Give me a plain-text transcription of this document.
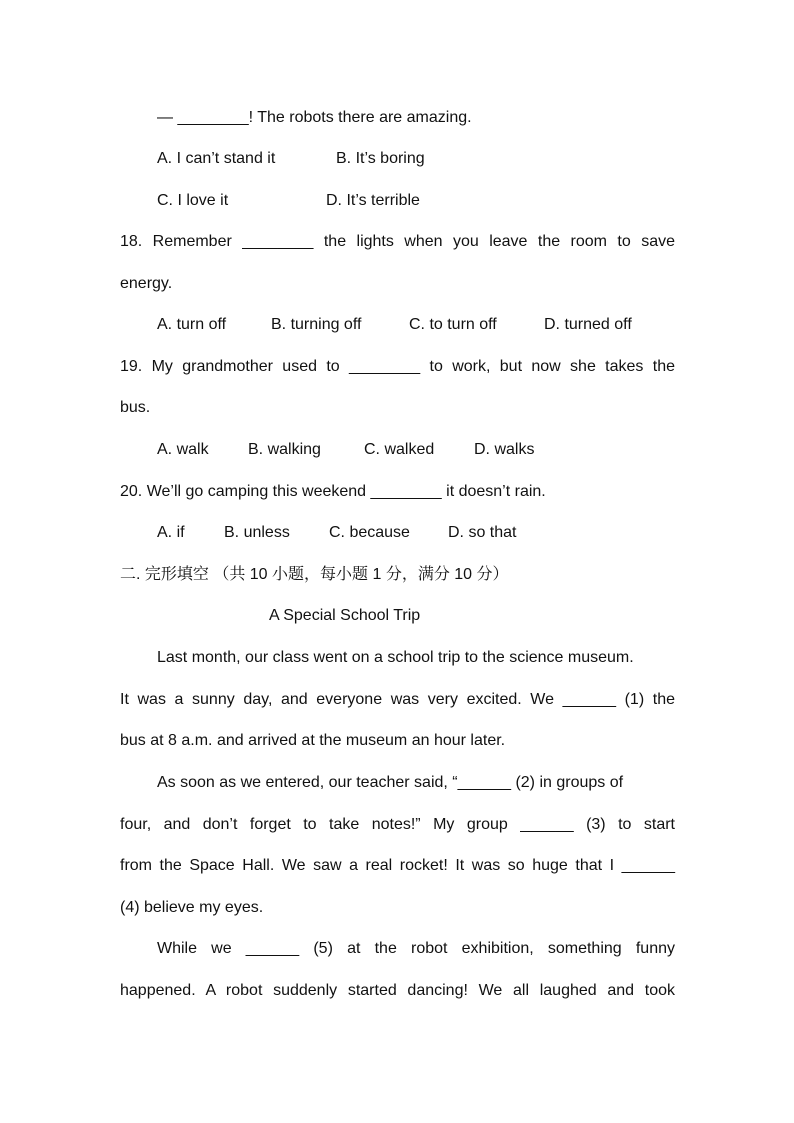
— ________! The robots there are amazing.
A. I can’t stand it	B. It’s boring
C. I love it	D. It’s terrible
18. Remember ________ the lights when you leave the room to save
energy.
A. turn off	B. turning off	C. to turn off	D. turned off
19. My grandmother used to ________ to work, but now she takes the
bus.
A. walk B. walking	C. walked D. walks
20. We’ll go camping this weekend ________ it doesn’t rain.
A. if B. unless C. because D. so that
二. 完形填空 （共 10 小题，每小题 1 分，满分 10 分）
A Special School Trip
Last month, our class went on a school trip to the science museum.
It was a sunny day, and everyone was very excited. We ______ (1) the
bus at 8 a.m. and arrived at the museum an hour later.
As soon as we entered, our teacher said, “______ (2) in groups of
four, and don’t forget to take notes!” My group ______ (3) to start
from the Space Hall. We saw a real rocket! It was so huge that I ______
(4) believe my eyes.
While we ______ (5) at the robot exhibition, something funny
happened. A robot suddenly started dancing! We all laughed and took
